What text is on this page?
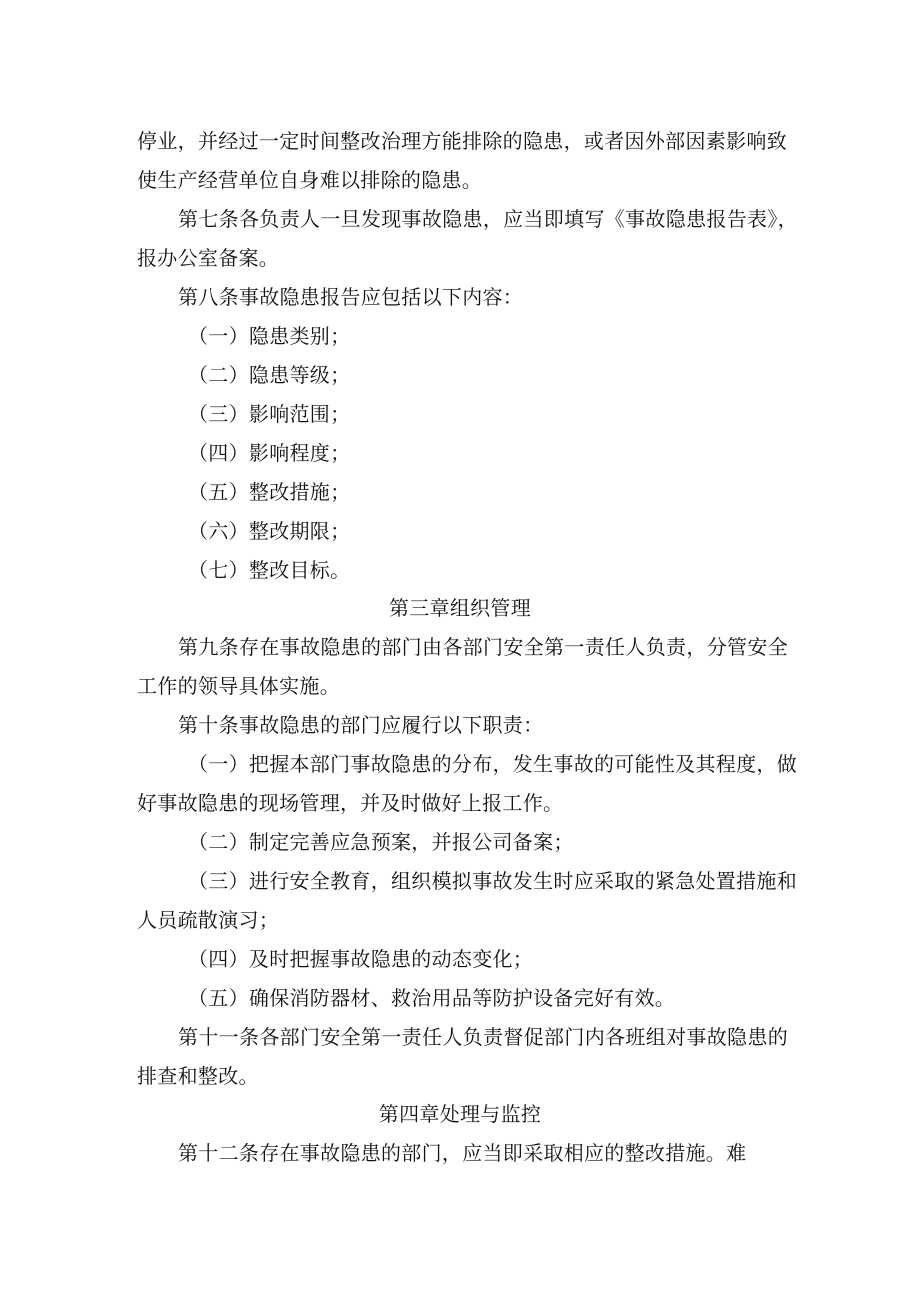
停业，并经过一定时间整改治理方能排除的隐患，或者因外部因素影响致
使生产经营单位自身难以排除的隐患。
第七条各负责人一旦发现事故隐患，应当即填写《事故隐患报告表》，
报办公室备案。
第八条事故隐患报告应包括以下内容：
（一）隐患类别；
（二）隐患等级；
（三）影响范围；
（四）影响程度；
（五）整改措施；
（六）整改期限；
（七）整改目标。
第三章组织管理
第九条存在事故隐患的部门由各部门安全第一责任人负责，分管安全
工作的领导具体实施。
第十条事故隐患的部门应履行以下职责：
（一）把握本部门事故隐患的分布，发生事故的可能性及其程度，做
好事故隐患的现场管理，并及时做好上报工作。
（二）制定完善应急预案，并报公司备案；
（三）进行安全教育，组织模拟事故发生时应采取的紧急处置措施和
人员疏散演习；
（四）及时把握事故隐患的动态变化；
（五）确保消防器材、救治用品等防护设备完好有效。
第十一条各部门安全第一责任人负责督促部门内各班组对事故隐患的
排查和整改。
第四章处理与监控
第十二条存在事故隐患的部门，应当即采取相应的整改措施。难
